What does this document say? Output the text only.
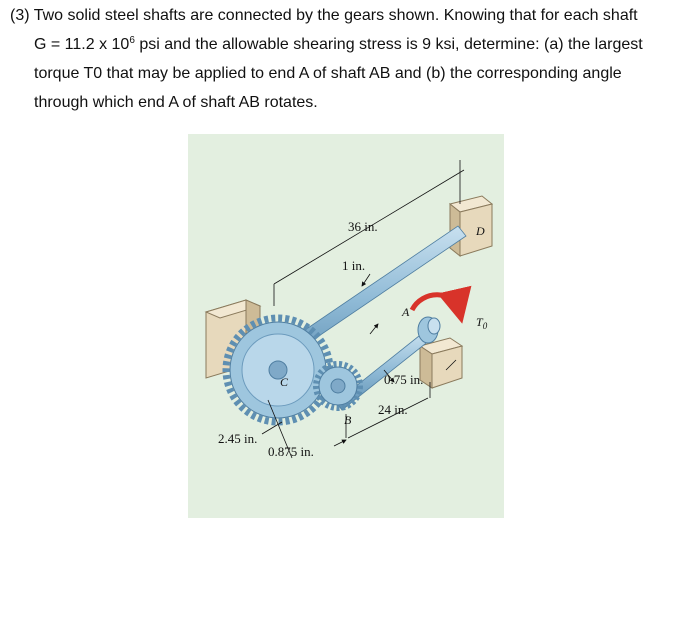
(3) Two solid steel shafts are connected by the gears shown. Knowing that for each shaft
G = 11.2 x $10^6$ psi and the allowable shearing stress is 9 ksi, determine: (a) the largest
torque T0 that may be applied to end A of shaft AB and (b) the corresponding angle
through which end A of shaft AB rotates.
36 in.
1 in.
0.75 in.
24 in.
2.45 in.
0.875 in.
A
B
C
D
$T_0$
